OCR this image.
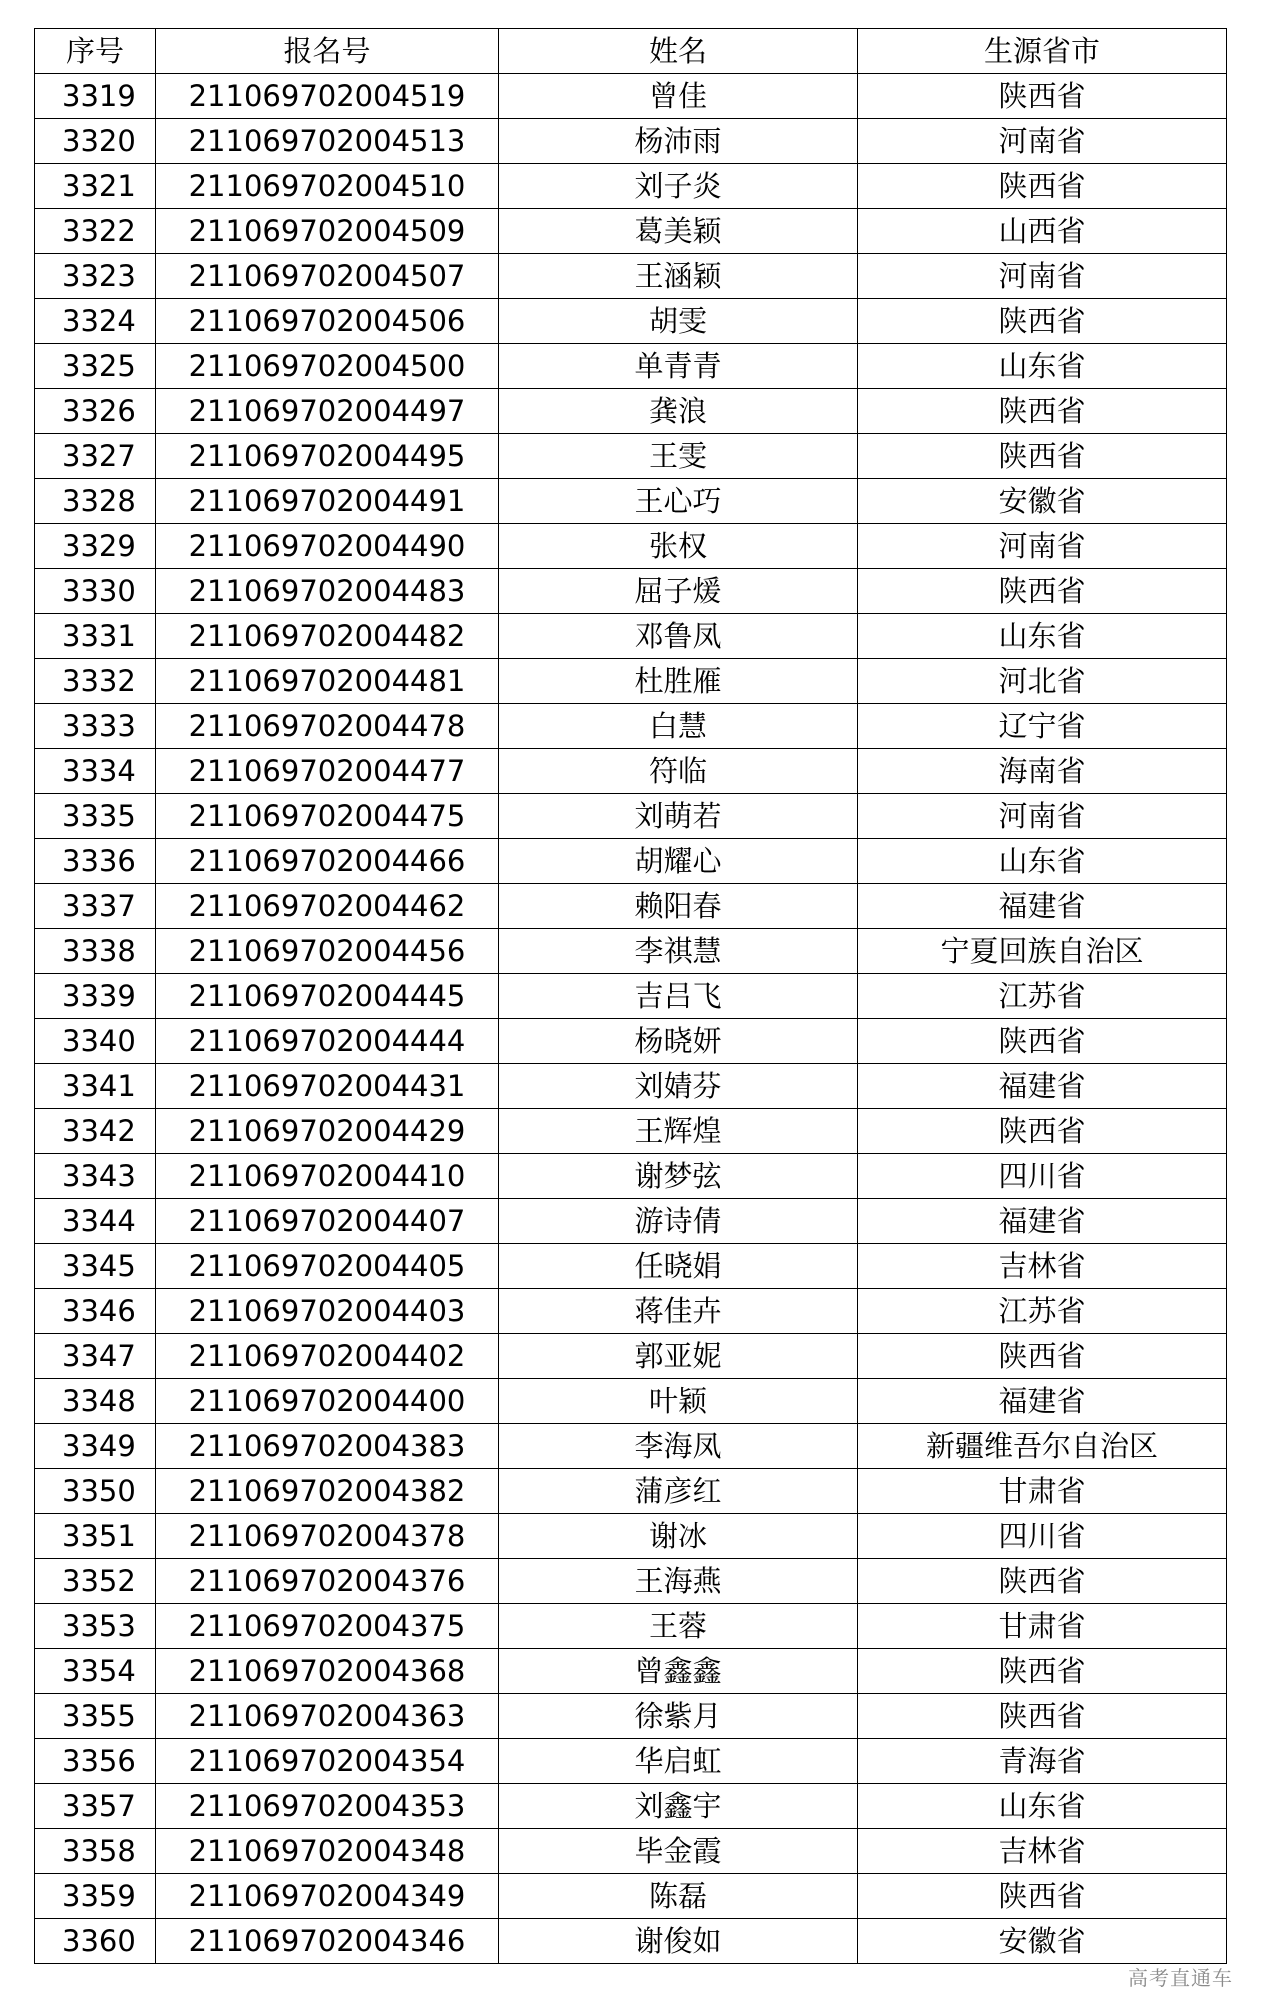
序号	报名号	姓名	生源省市
3319	211069702004519	曾佳	陕西省
3320	211069702004513	杨沛雨	河南省
3321	211069702004510	刘子炎	陕西省
3322	211069702004509	葛美颖	山西省
3323	211069702004507	王涵颖	河南省
3324	211069702004506	胡雯	陕西省
3325	211069702004500	单青青	山东省
3326	211069702004497	龚浪	陕西省
3327	211069702004495	王雯	陕西省
3328	211069702004491	王心巧	安徽省
3329	211069702004490	张权	河南省
3330	211069702004483	屈子煖	陕西省
3331	211069702004482	邓鲁凤	山东省
3332	211069702004481	杜胜雁	河北省
3333	211069702004478	白慧	辽宁省
3334	211069702004477	符临	海南省
3335	211069702004475	刘萌若	河南省
3336	211069702004466	胡耀心	山东省
3337	211069702004462	赖阳春	福建省
3338	211069702004456	李祺慧	宁夏回族自治区
3339	211069702004445	吉吕飞	江苏省
3340	211069702004444	杨晓妍	陕西省
3341	211069702004431	刘婧芬	福建省
3342	211069702004429	王辉煌	陕西省
3343	211069702004410	谢梦弦	四川省
3344	211069702004407	游诗倩	福建省
3345	211069702004405	任晓娟	吉林省
3346	211069702004403	蒋佳卉	江苏省
3347	211069702004402	郭亚妮	陕西省
3348	211069702004400	叶颖	福建省
3349	211069702004383	李海凤	新疆维吾尔自治区
3350	211069702004382	蒲彦红	甘肃省
3351	211069702004378	谢冰	四川省
3352	211069702004376	王海燕	陕西省
3353	211069702004375	王蓉	甘肃省
3354	211069702004368	曾鑫鑫	陕西省
3355	211069702004363	徐紫月	陕西省
3356	211069702004354	华启虹	青海省
3357	211069702004353	刘鑫宇	山东省
3358	211069702004348	毕金霞	吉林省
3359	211069702004349	陈磊	陕西省
3360	211069702004346	谢俊如	安徽省
高考直通车
